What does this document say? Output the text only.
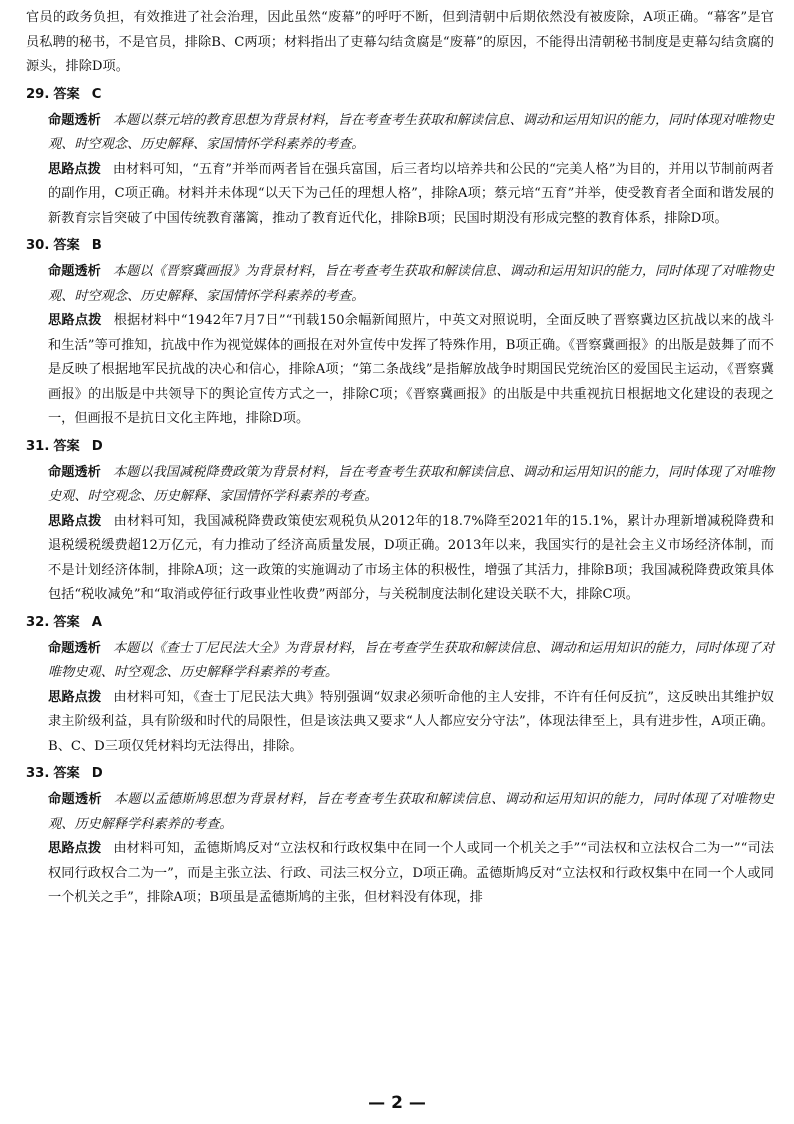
官员的政务负担，有效推进了社会治理，因此虽然“废幕”的呼吁不断，但到清朝中后期依然没有被废除，A项正确。“幕客”是官员私聘的秘书，不是官员，排除B、C两项；材料指出了吏幕勾结贪腐是“废幕”的原因，不能得出清朝秘书制度是吏幕勾结贪腐的源头，排除D项。

29. 答案 C

命题透析 本题以蔡元培的教育思想为背景材料，旨在考查考生获取和解读信息、调动和运用知识的能力，同时体现对唯物史观、时空观念、历史解释、家国情怀学科素养的考查。

思路点拨 由材料可知，“五育”并举而两者旨在强兵富国，后三者均以培养共和公民的“完美人格”为目的，并用以节制前两者的副作用，C项正确。材料并未体现“以天下为己任的理想人格”，排除A项；蔡元培“五育”并举，使受教育者全面和谐发展的新教育宗旨突破了中国传统教育藩篱，推动了教育近代化，排除B项；民国时期没有形成完整的教育体系，排除D项。

30. 答案 B

命题透析 本题以《晋察冀画报》为背景材料，旨在考查考生获取和解读信息、调动和运用知识的能力，同时体现了对唯物史观、时空观念、历史解释、家国情怀学科素养的考查。

思路点拨 根据材料中“1942年7月7日”“刊载150余幅新闻照片，中英文对照说明，全面反映了晋察冀边区抗战以来的战斗和生活”等可推知，抗战中作为视觉媒体的画报在对外宣传中发挥了特殊作用，B项正确。《晋察冀画报》的出版是鼓舞了而不是反映了根据地军民抗战的决心和信心，排除A项；“第二条战线”是指解放战争时期国民党统治区的爱国民主运动，《晋察冀画报》的出版是中共领导下的舆论宣传方式之一，排除C项；《晋察冀画报》的出版是中共重视抗日根据地文化建设的表现之一，但画报不是抗日文化主阵地，排除D项。

31. 答案 D

命题透析 本题以我国减税降费政策为背景材料，旨在考查考生获取和解读信息、调动和运用知识的能力，同时体现了对唯物史观、时空观念、历史解释、家国情怀学科素养的考查。

思路点拨 由材料可知，我国减税降费政策使宏观税负从2012年的18.7%降至2021年的15.1%，累计办理新增减税降费和退税缓税缓费超12万亿元，有力推动了经济高质量发展，D项正确。2013年以来，我国实行的是社会主义市场经济体制，而不是计划经济体制，排除A项；这一政策的实施调动了市场主体的积极性，增强了其活力，排除B项；我国减税降费政策具体包括“税收减免”和“取消或停征行政事业性收费”两部分，与关税制度法制化建设关联不大，排除C项。

32. 答案 A

命题透析 本题以《查士丁尼民法大全》为背景材料，旨在考查学生获取和解读信息、调动和运用知识的能力，同时体现了对唯物史观、时空观念、历史解释学科素养的考查。

思路点拨 由材料可知，《查士丁尼民法大典》特别强调“奴隶必须听命他的主人安排，不许有任何反抗”，这反映出其维护奴隶主阶级利益，具有阶级和时代的局限性，但是该法典又要求“人人都应安分守法”，体现法律至上，具有进步性，A项正确。B、C、D三项仅凭材料均无法得出，排除。

33. 答案 D

命题透析 本题以孟德斯鸠思想为背景材料，旨在考查考生获取和解读信息、调动和运用知识的能力，同时体现了对唯物史观、历史解释学科素养的考查。

思路点拨 由材料可知，孟德斯鸠反对“立法权和行政权集中在同一个人或同一个机关之手”“司法权和立法权合二为一”“司法权同行政权合二为一”，而是主张立法、行政、司法三权分立，D项正确。孟德斯鸠反对“立法权和行政权集中在同一个人或同一个机关之手”，排除A项；B项虽是孟德斯鸠的主张，但材料没有体现，排

— 2 —
